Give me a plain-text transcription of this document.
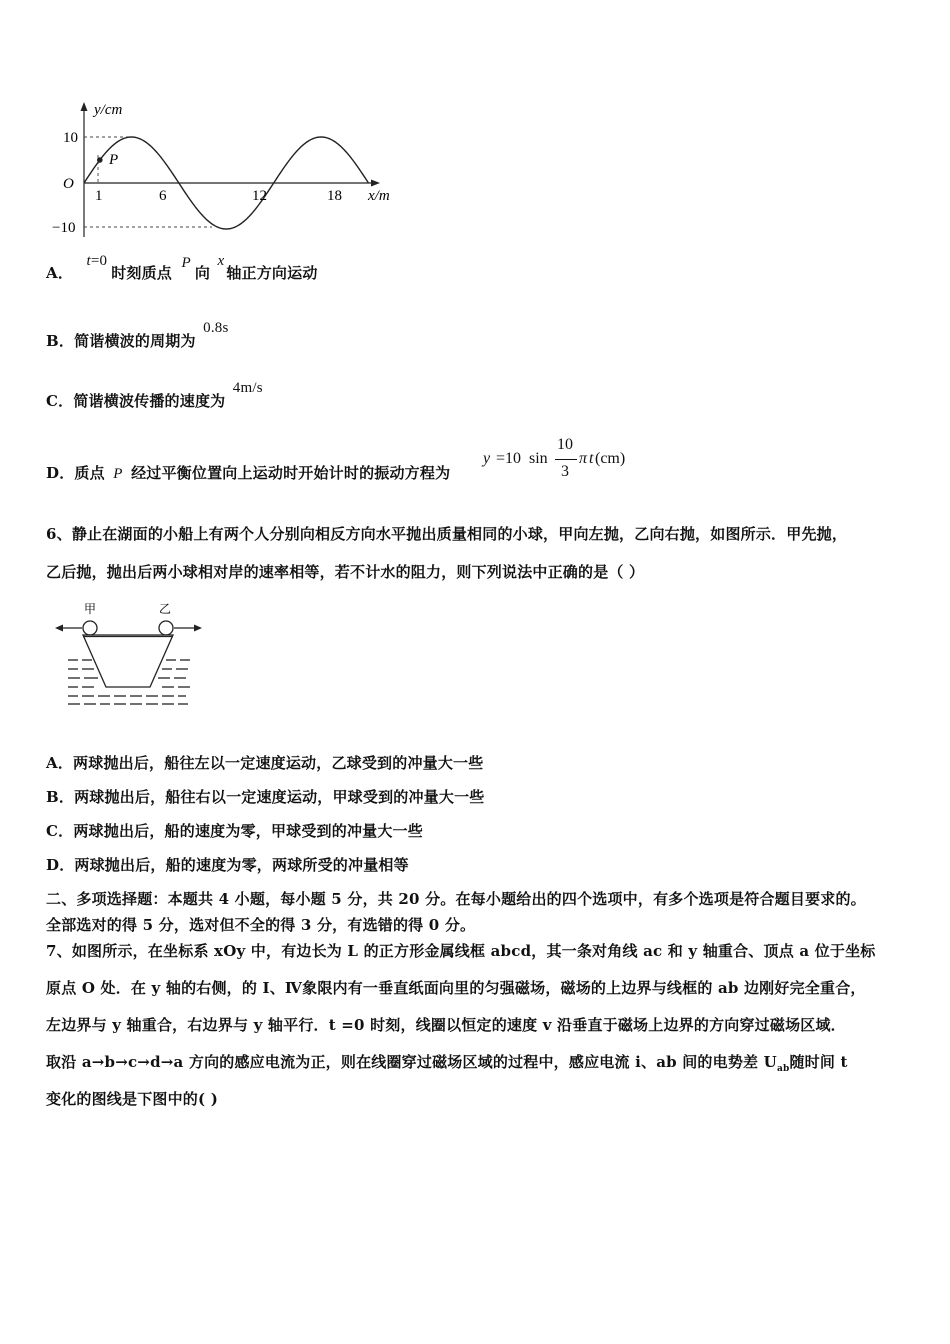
y/cm
x/m
O
10
−10
1	6	12	18
P
A． t=0 时刻质点 P向 x轴正方向运动
B．简谐横波的周期为 0.8s
C．简谐横波传播的速度为 4m/s
D．质点 P 经过平衡位置向上运动时开始计时的振动方程为
y =10 sin
10
3
π t (cm)
6、静止在湖面的小船上有两个人分别向相反方向水平抛出质量相同的小球，甲向左抛，乙向右抛，如图所示．甲先抛，
乙后抛，抛出后两小球相对岸的速率相等，若不计水的阻力，则下列说法中正确的是（ ）
甲	乙
A．两球抛出后，船往左以一定速度运动，乙球受到的冲量大一些
B．两球抛出后，船往右以一定速度运动，甲球受到的冲量大一些
C．两球抛出后，船的速度为零，甲球受到的冲量大一些
D．两球抛出后，船的速度为零，两球所受的冲量相等
二、多项选择题：本题共 4 小题，每小题 5 分，共 20 分。在每小题给出的四个选项中，有多个选项是符合题目要求的。
全部选对的得 5 分，选对但不全的得 3 分，有选错的得 0 分。
7、如图所示，在坐标系 xOy 中，有边长为 L 的正方形金属线框 abcd，其一条对角线 ac 和 y 轴重合、顶点 a 位于坐标
原点 O 处．在 y 轴的右侧，的 I、Ⅳ象限内有一垂直纸面向里的匀强磁场，磁场的上边界与线框的 ab 边刚好完全重合，
左边界与 y 轴重合，右边界与 y 轴平行．t =0 时刻，线圈以恒定的速度 v 沿垂直于磁场上边界的方向穿过磁场区域．
取沿 a→b→c→d→a 方向的感应电流为正，则在线圈穿过磁场区域的过程中，感应电流 i、ab 间的电势差 $U_{ab}$随时间 t
变化的图线是下图中的( )
